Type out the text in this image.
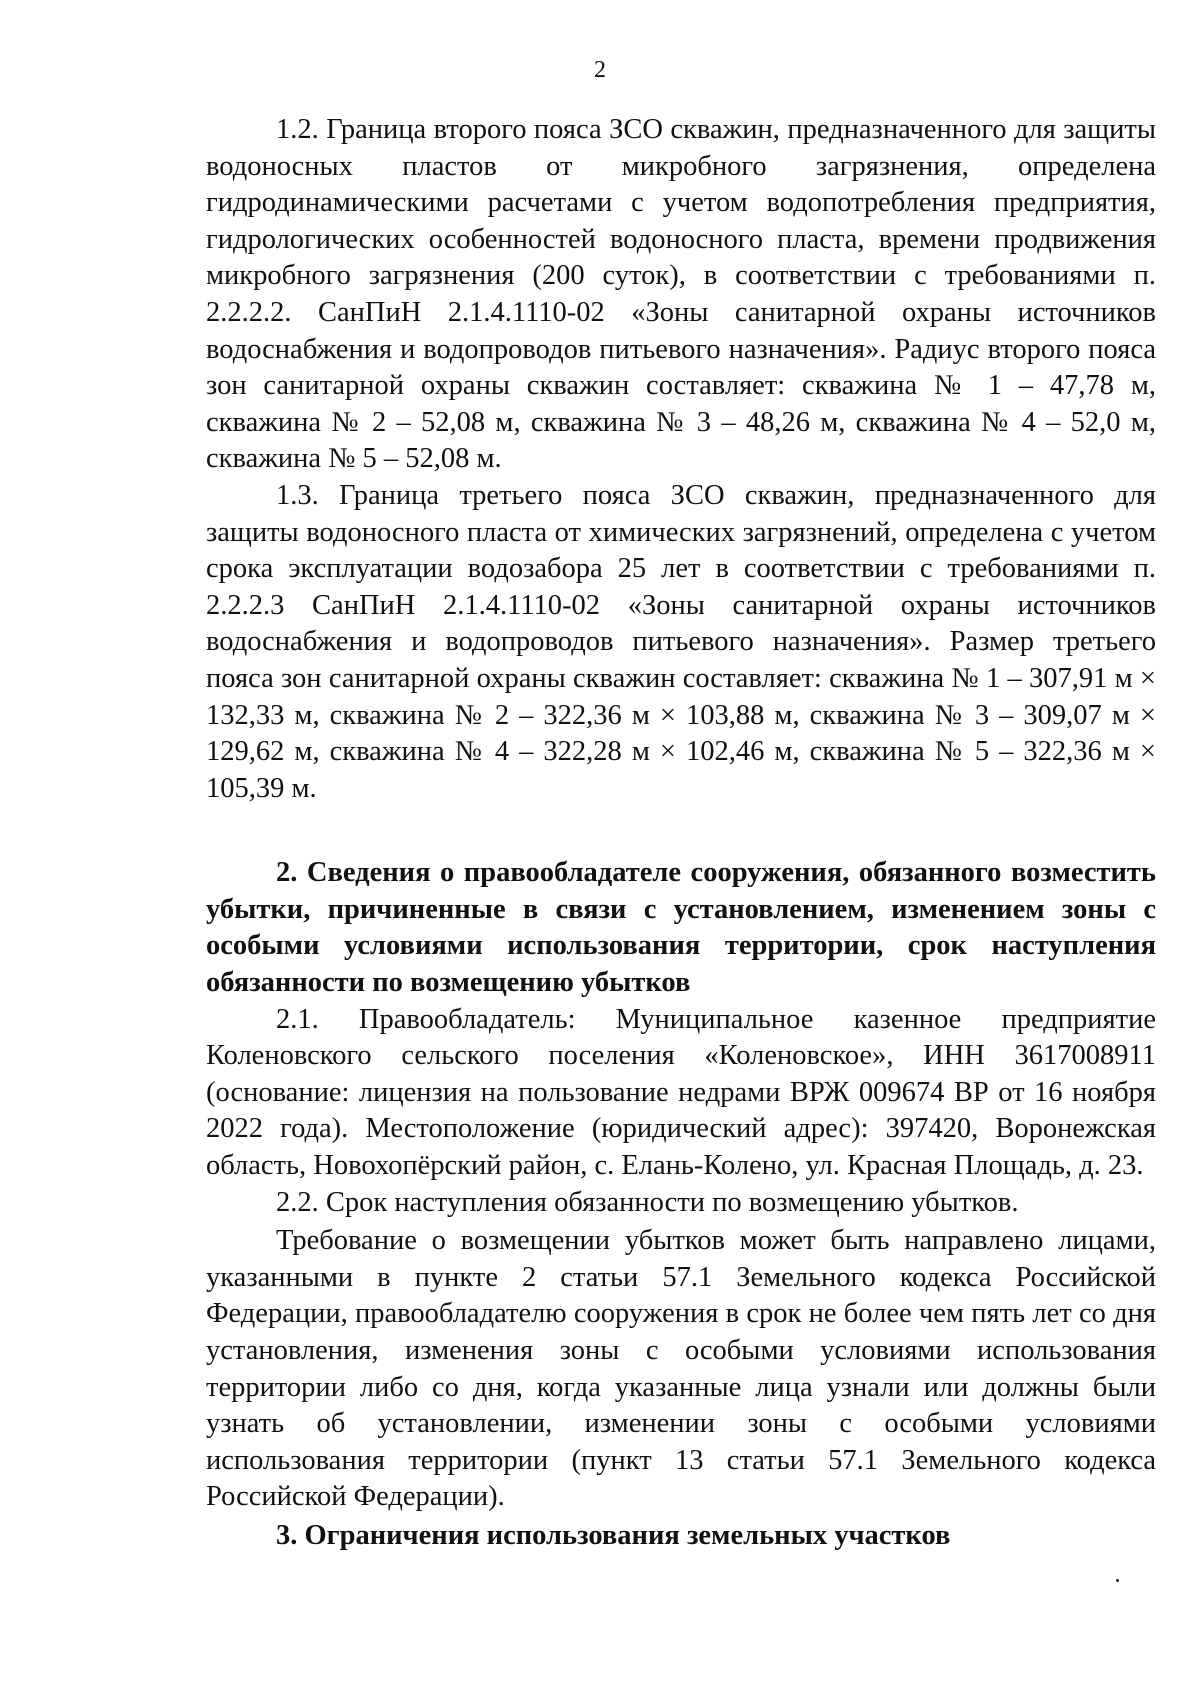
2

1.2. Граница второго пояса ЗСО скважин, предназначенного для защиты водоносных пластов от микробного загрязнения, определена гидродинамическими расчетами с учетом водопотребления предприятия, гидрологических особенностей водоносного пласта, времени продвижения микробного загрязнения (200 суток), в соответствии с требованиями п. 2.2.2.2. СанПиН 2.1.4.1110-02 «Зоны санитарной охраны источников водоснабжения и водопроводов питьевого назначения». Радиус второго пояса зон санитарной охраны скважин составляет: скважина № 1 – 47,78 м, скважина № 2 – 52,08 м, скважина № 3 – 48,26 м, скважина № 4 – 52,0 м, скважина № 5 – 52,08 м.

1.3. Граница третьего пояса ЗСО скважин, предназначенного для защиты водоносного пласта от химических загрязнений, определена с учетом срока эксплуатации водозабора 25 лет в соответствии с требованиями п. 2.2.2.3 СанПиН 2.1.4.1110-02 «Зоны санитарной охраны источников водоснабжения и водопроводов питьевого назначения». Размер третьего пояса зон санитарной охраны скважин составляет: скважина № 1 – 307,91 м × 132,33 м, скважина № 2 – 322,36 м × 103,88 м, скважина № 3 – 309,07 м × 129,62 м, скважина № 4 – 322,28 м × 102,46 м, скважина № 5 – 322,36 м × 105,39 м.

2. Сведения о правообладателе сооружения, обязанного возместить убытки, причиненные в связи с установлением, изменением зоны с особыми условиями использования территории, срок наступления обязанности по возмещению убытков

2.1. Правообладатель: Муниципальное казенное предприятие Коленовского сельского поселения «Коленовское», ИНН 3617008911 (основание: лицензия на пользование недрами ВРЖ 009674 ВР от 16 ноября 2022 года). Местоположение (юридический адрес): 397420, Воронежская область, Новохопёрский район, с. Елань-Колено, ул. Красная Площадь, д. 23.

2.2. Срок наступления обязанности по возмещению убытков.

Требование о возмещении убытков может быть направлено лицами, указанными в пункте 2 статьи 57.1 Земельного кодекса Российской Федерации, правообладателю сооружения в срок не более чем пять лет со дня установления, изменения зоны с особыми условиями использования территории либо со дня, когда указанные лица узнали или должны были узнать об установлении, изменении зоны с особыми условиями использования территории (пункт 13 статьи 57.1 Земельного кодекса Российской Федерации).

3. Ограничения использования земельных участков
